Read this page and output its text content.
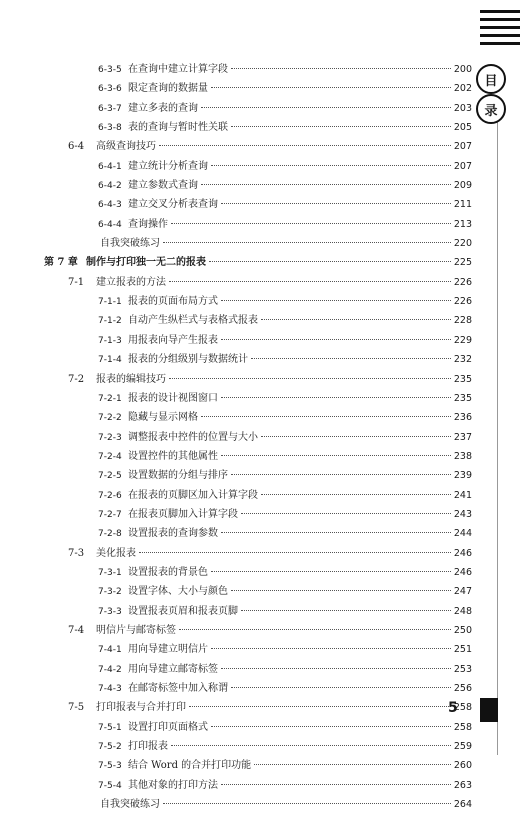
6-3-5 在查询中建立计算字段	200
6-3-6 限定查询的数据量	202
6-3-7 建立多表的查询	203
6-3-8 表的查询与暂时性关联	205
6-4	高级查询技巧	207
6-4-1 建立统计分析查询	207
6-4-2 建立参数式查询	209
6-4-3 建立交叉分析表查询	211
6-4-4 查询操作	213
自我突破练习	220
第 7 章 制作与打印独一无二的报表	225
7-1	建立报表的方法	226
7-1-1 报表的页面布局方式	226
7-1-2 自动产生纵栏式与表格式报表	228
7-1-3 用报表向导产生报表	229
7-1-4 报表的分组级别与数据统计	232
7-2	报表的编辑技巧	235
7-2-1 报表的设计视图窗口	235
7-2-2 隐藏与显示网格	236
7-2-3 调整报表中控件的位置与大小	237
7-2-4 设置控件的其他属性	238
7-2-5 设置数据的分组与排序	239
7-2-6 在报表的页脚区加入计算字段	241
7-2-7 在报表页脚加入计算字段	243
7-2-8 设置报表的查询参数	244
7-3	美化报表	246
7-3-1 设置报表的背景色	246
7-3-2 设置字体、大小与颜色	247
7-3-3 设置报表页眉和报表页脚	248
7-4	明信片与邮寄标签	250
7-4-1 用向导建立明信片	251
7-4-2 用向导建立邮寄标签	253
7-4-3 在邮寄标签中加入称谓	256
7-5	打印报表与合并打印	258
7-5-1 设置打印页面格式	258
7-5-2 打印报表	259
7-5-3 结合 Word 的合并打印功能	260
7-5-4 其他对象的打印方法	263
自我突破练习	264
目
录
5
